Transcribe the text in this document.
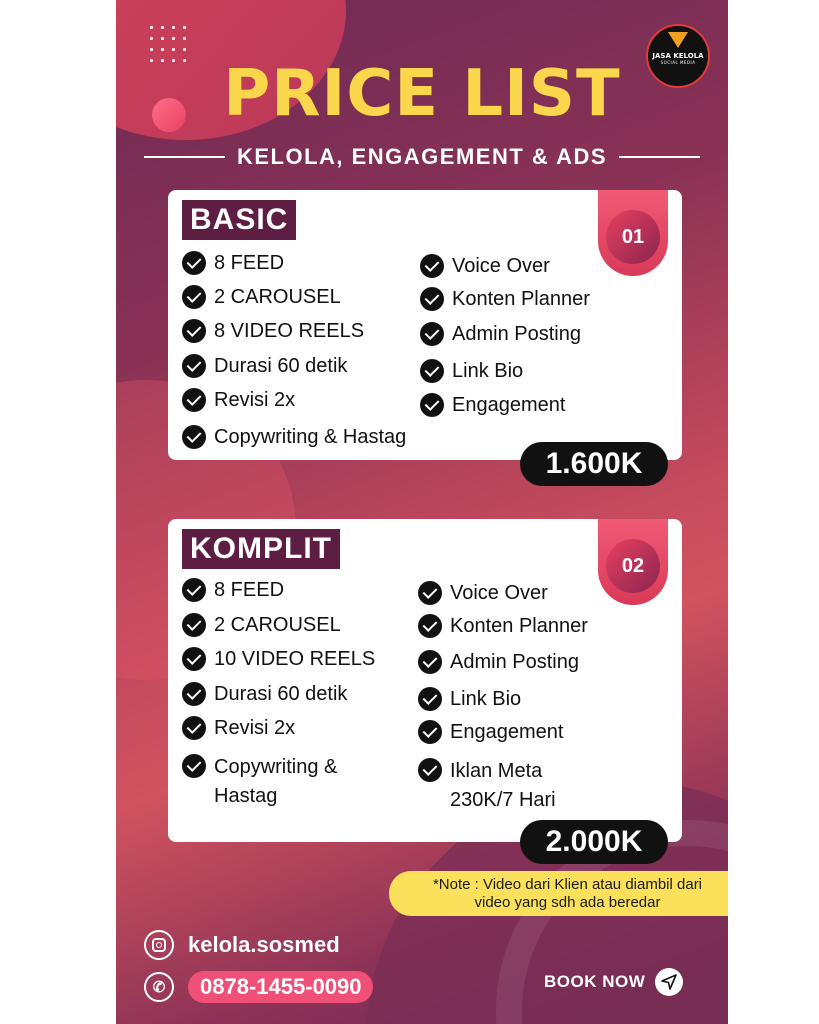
JASA KELOLA
SOCIAL MEDIA
PRICE LIST
KELOLA, ENGAGEMENT & ADS
BASIC
01
8 FEED
2 CAROUSEL
8 VIDEO REELS
Durasi 60 detik
Revisi 2x
Copywriting & Hastag
Voice Over
Konten Planner
Admin Posting
Link Bio
Engagement
1.600K
KOMPLIT
02
8 FEED
2 CAROUSEL
10 VIDEO REELS
Durasi 60 detik
Revisi 2x
Copywriting & Hastag
Voice Over
Konten Planner
Admin Posting
Link Bio
Engagement
Iklan Meta 230K/7 Hari
2.000K
*Note : Video dari Klien atau diambil dari video yang sdh ada beredar
kelola.sosmed
✆	0878-1455-0090	BOOK NOW
